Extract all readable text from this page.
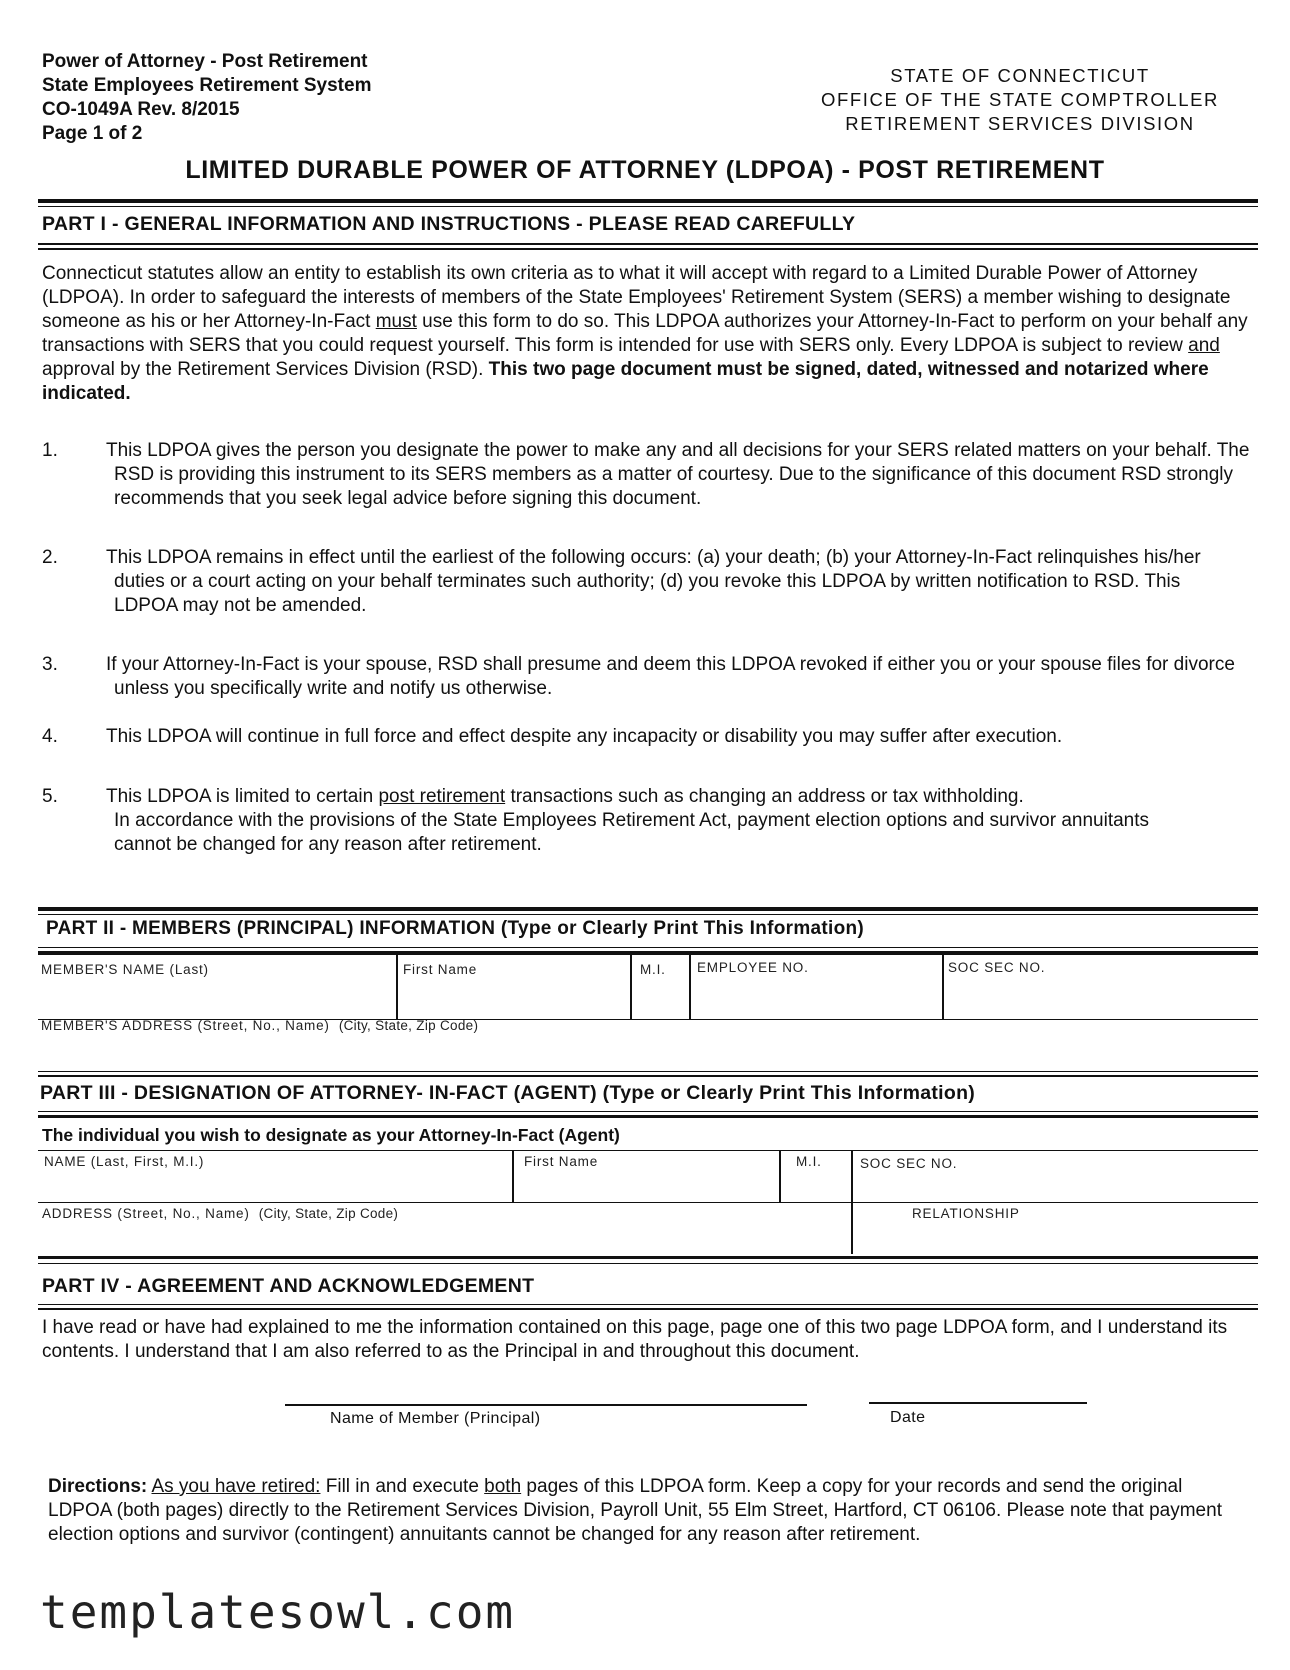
Power of Attorney - Post Retirement
State Employees Retirement System
CO-1049A Rev. 8/2015
Page 1 of 2
STATE OF CONNECTICUT
OFFICE OF THE STATE COMPTROLLER
RETIREMENT SERVICES DIVISION
LIMITED DURABLE POWER OF ATTORNEY (LDPOA) - POST RETIREMENT
PART I - GENERAL INFORMATION AND INSTRUCTIONS - PLEASE READ CAREFULLY
Connecticut statutes allow an entity to establish its own criteria as to what it will accept with regard to a Limited Durable Power of Attorney (LDPOA). In order to safeguard the interests of members of the State Employees' Retirement System (SERS) a member wishing to designate someone as his or her Attorney-In-Fact must use this form to do so. This LDPOA authorizes your Attorney-In-Fact to perform on your behalf any transactions with SERS that you could request yourself. This form is intended for use with SERS only. Every LDPOA is subject to review and approval by the Retirement Services Division (RSD). This two page document must be signed, dated, witnessed and notarized where indicated.
1.	This LDPOA gives the person you designate the power to make any and all decisions for your SERS related matters on your behalf. The RSD is providing this instrument to its SERS members as a matter of courtesy. Due to the significance of this document RSD strongly recommends that you seek legal advice before signing this document.
2.	This LDPOA remains in effect until the earliest of the following occurs: (a) your death; (b) your Attorney-In-Fact relinquishes his/her duties or a court acting on your behalf terminates such authority; (d) you revoke this LDPOA by written notification to RSD. This LDPOA may not be amended.
3.	If your Attorney-In-Fact is your spouse, RSD shall presume and deem this LDPOA revoked if either you or your spouse files for divorce unless you specifically write and notify us otherwise.
4.	This LDPOA will continue in full force and effect despite any incapacity or disability you may suffer after execution.
5.	This LDPOA is limited to certain post retirement transactions such as changing an address or tax withholding.
In accordance with the provisions of the State Employees Retirement Act, payment election options and survivor annuitants cannot be changed for any reason after retirement.
PART II - MEMBERS (PRINCIPAL) INFORMATION (Type or Clearly Print This Information)
MEMBER'S NAME (Last)	First Name	M.I. EMPLOYEE NO.	SOC SEC NO.
MEMBER'S ADDRESS (Street, No., Name) (City, State, Zip Code)
PART III - DESIGNATION OF ATTORNEY- IN-FACT (AGENT) (Type or Clearly Print This Information)
The individual you wish to designate as your Attorney-In-Fact (Agent)
NAME (Last, First, M.I.)	First Name	M.I.	SOC SEC NO.
ADDRESS (Street, No., Name) (City, State, Zip Code)	RELATIONSHIP
PART IV - AGREEMENT AND ACKNOWLEDGEMENT
I have read or have had explained to me the information contained on this page, page one of this two page LDPOA form, and I understand its contents. I understand that I am also referred to as the Principal in and throughout this document.
Name of Member (Principal)	Date
Directions: As you have retired: Fill in and execute both pages of this LDPOA form. Keep a copy for your records and send the original LDPOA (both pages) directly to the Retirement Services Division, Payroll Unit, 55 Elm Street, Hartford, CT 06106. Please note that payment election options and survivor (contingent) annuitants cannot be changed for any reason after retirement.
templatesowl.com
